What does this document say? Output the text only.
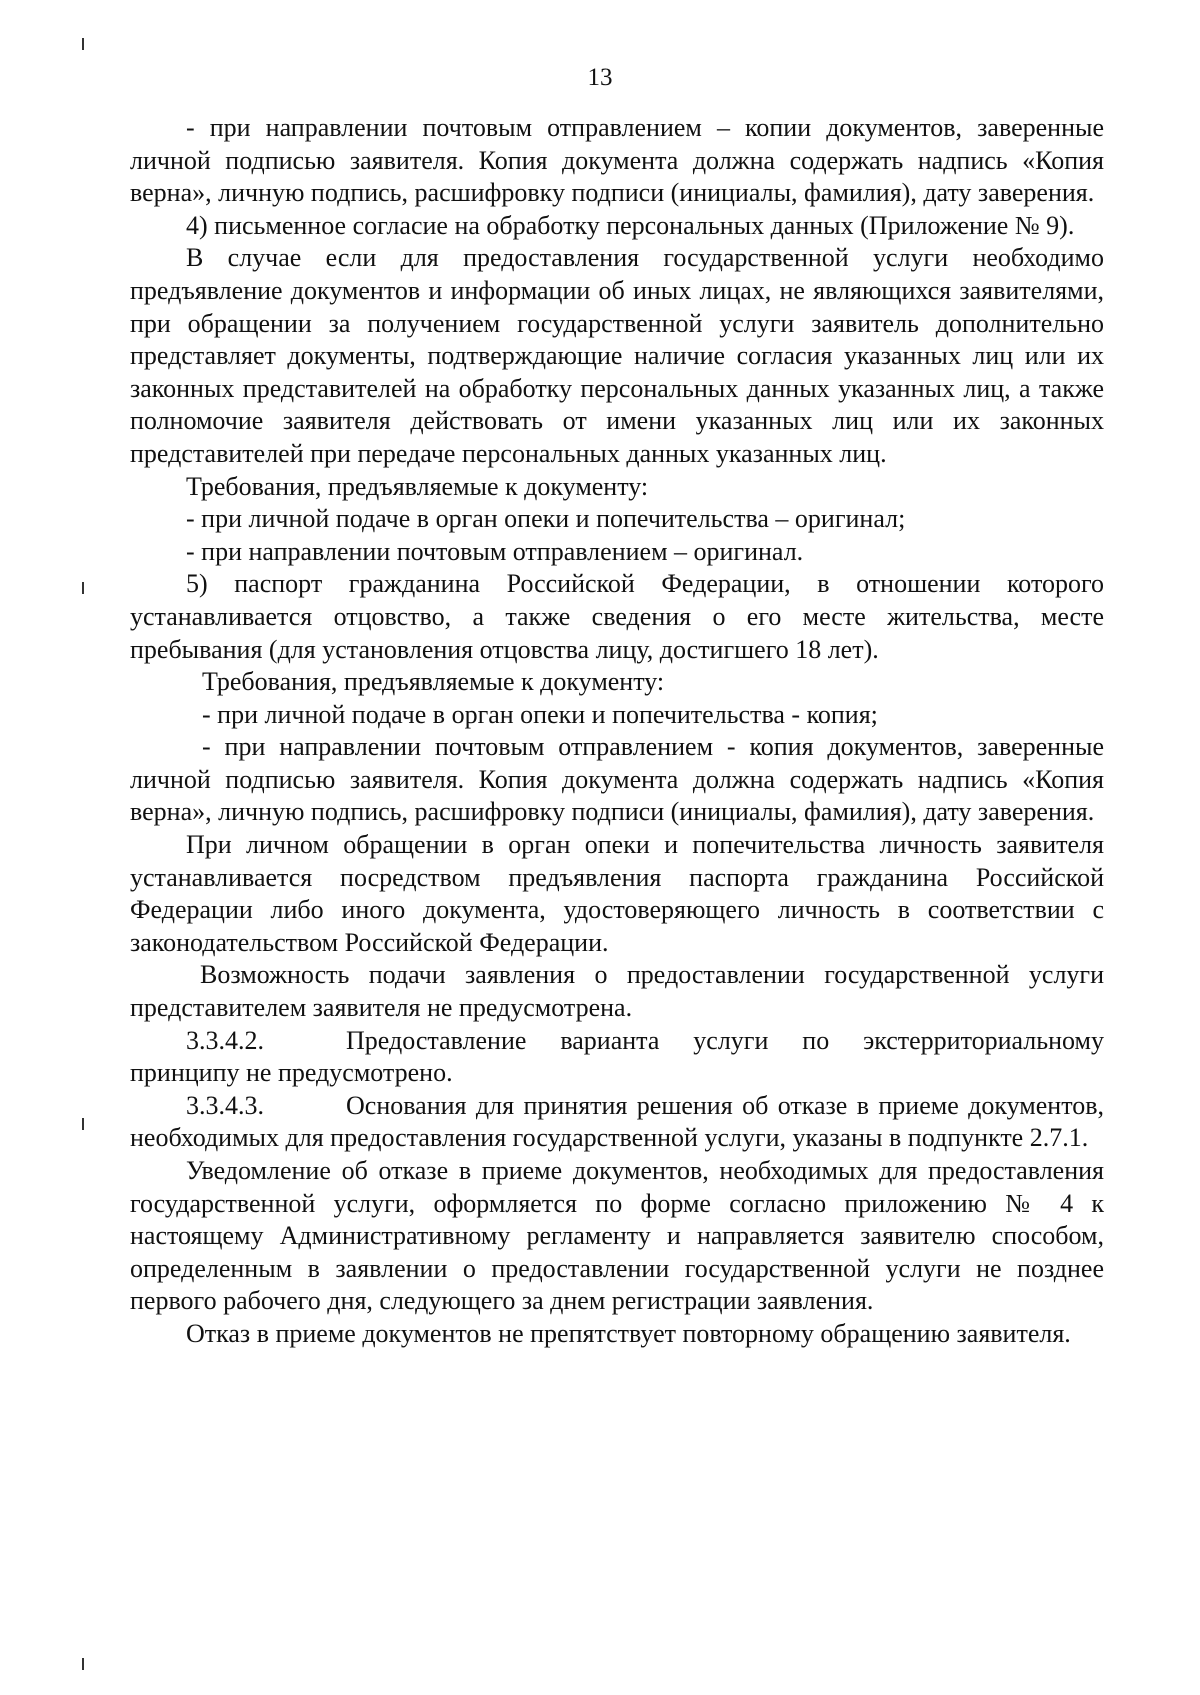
13

- при направлении почтовым отправлением – копии документов, заверенные личной подписью заявителя. Копия документа должна содержать надпись «Копия верна», личную подпись, расшифровку подписи (инициалы, фамилия), дату заверения.

4) письменное согласие на обработку персональных данных (Приложение № 9).

В случае если для предоставления государственной услуги необходимо предъявление документов и информации об иных лицах, не являющихся заявителями, при обращении за получением государственной услуги заявитель дополнительно представляет документы, подтверждающие наличие согласия указанных лиц или их законных представителей на обработку персональных данных указанных лиц, а также полномочие заявителя действовать от имени указанных лиц или их законных представителей при передаче персональных данных указанных лиц.

Требования, предъявляемые к документу:

- при личной подаче в орган опеки и попечительства – оригинал;

- при направлении почтовым отправлением – оригинал.

5) паспорт гражданина Российской Федерации, в отношении которого устанавливается отцовство, а также сведения о его месте жительства, месте пребывания (для установления отцовства лицу, достигшего 18 лет).

Требования, предъявляемые к документу:

- при личной подаче в орган опеки и попечительства - копия;

- при направлении почтовым отправлением - копия документов, заверенные личной подписью заявителя. Копия документа должна содержать надпись «Копия верна», личную подпись, расшифровку подписи (инициалы, фамилия), дату заверения.

При личном обращении в орган опеки и попечительства личность заявителя устанавливается посредством предъявления паспорта гражданина Российской Федерации либо иного документа, удостоверяющего личность в соответствии с законодательством Российской Федерации.

Возможность подачи заявления о предоставлении государственной услуги представителем заявителя не предусмотрена.

3.3.4.2.	Предоставление варианта услуги по экстерриториальному принципу не предусмотрено.

3.3.4.3.	Основания для принятия решения об отказе в приеме документов, необходимых для предоставления государственной услуги, указаны в подпункте 2.7.1.

Уведомление об отказе в приеме документов, необходимых для предоставления государственной услуги, оформляется по форме согласно приложению № 4 к настоящему Административному регламенту и направляется заявителю способом, определенным в заявлении о предоставлении государственной услуги не позднее первого рабочего дня, следующего за днем регистрации заявления.

Отказ в приеме документов не препятствует повторному обращению заявителя.
